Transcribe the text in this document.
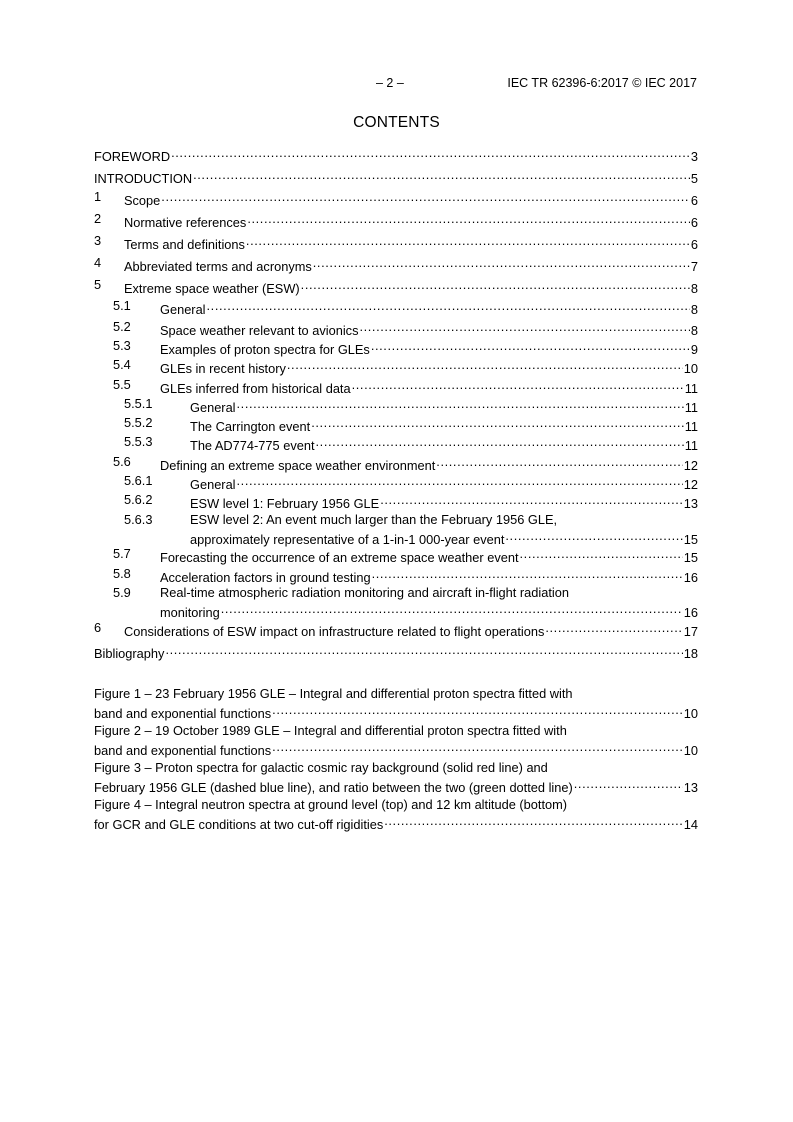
– 2 –	IEC TR 62396-6:2017 © IEC 2017
CONTENTS
FOREWORD .....	3
INTRODUCTION .....	5
1 Scope .....	6
2 Normative references .....	6
3 Terms and definitions .....	6
4 Abbreviated terms and acronyms .....	7
5 Extreme space weather (ESW) .....	8
5.1 General .....	8
5.2 Space weather relevant to avionics .....	8
5.3 Examples of proton spectra for GLEs .....	9
5.4 GLEs in recent history .....	10
5.5 GLEs inferred from historical data .....	11
5.5.1	General .....	11
5.5.2	The Carrington event .....	11
5.5.3	The AD774-775 event .....	11
5.6 Defining an extreme space weather environment .....	12
5.6.1	General .....	12
5.6.2	ESW level 1: February 1956 GLE .....	13
5.6.3	ESW level 2: An event much larger than the February 1956 GLE,
approximately representative of a 1-in-1 000-year event .....	15
5.7 Forecasting the occurrence of an extreme space weather event .....	15
5.8 Acceleration factors in ground testing .....	16
5.9 Real-time atmospheric radiation monitoring and aircraft in-flight radiation
monitoring .....	16
6 Considerations of ESW impact on infrastructure related to flight operations .....	17
Bibliography .....	18
Figure 1 – 23 February 1956 GLE – Integral and differential proton spectra fitted with
band and exponential functions .....	10
Figure 2 – 19 October 1989 GLE – Integral and differential proton spectra fitted with
band and exponential functions .....	10
Figure 3 – Proton spectra for galactic cosmic ray background (solid red line) and
February 1956 GLE (dashed blue line), and ratio between the two (green dotted line) .....	13
Figure 4 – Integral neutron spectra at ground level (top) and 12 km altitude (bottom)
for GCR and GLE conditions at two cut-off rigidities .....	14
